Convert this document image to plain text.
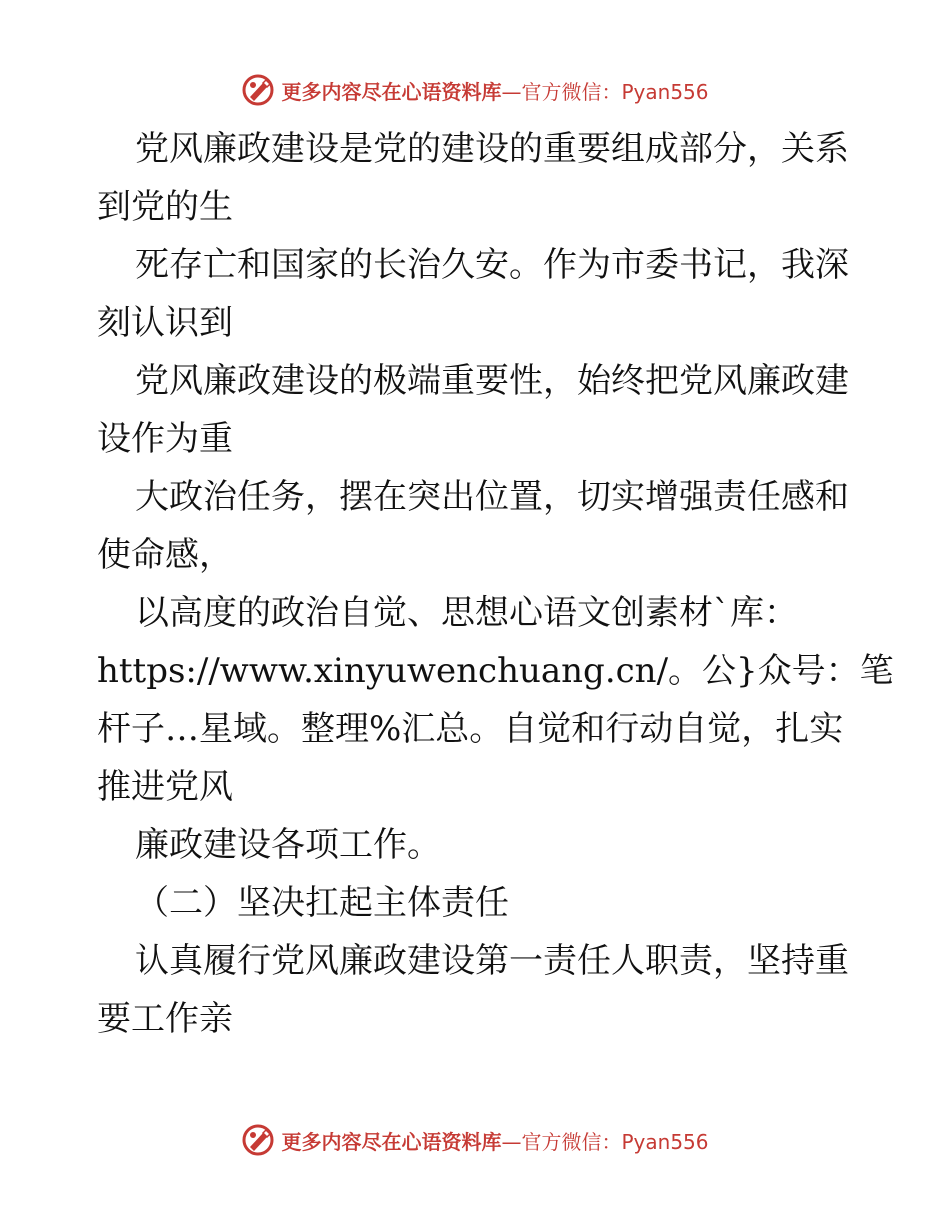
更多内容尽在心语资料库—官方微信：Pyan556

党风廉政建设是党的建设的重要组成部分，关系

到党的生

死存亡和国家的长治久安。作为市委书记，我深

刻认识到

党风廉政建设的极端重要性，始终把党风廉政建

设作为重

大政治任务，摆在突出位置，切实增强责任感和

使命感，

以高度的政治自觉、思想心语文创素材`库：

https://www.xinyuwenchuang.cn/。公}众号：笔

杆子…星域。整理%汇总。自觉和行动自觉，扎实

推进党风

廉政建设各项工作。

（二）坚决扛起主体责任

认真履行党风廉政建设第一责任人职责，坚持重

要工作亲

更多内容尽在心语资料库—官方微信：Pyan556
